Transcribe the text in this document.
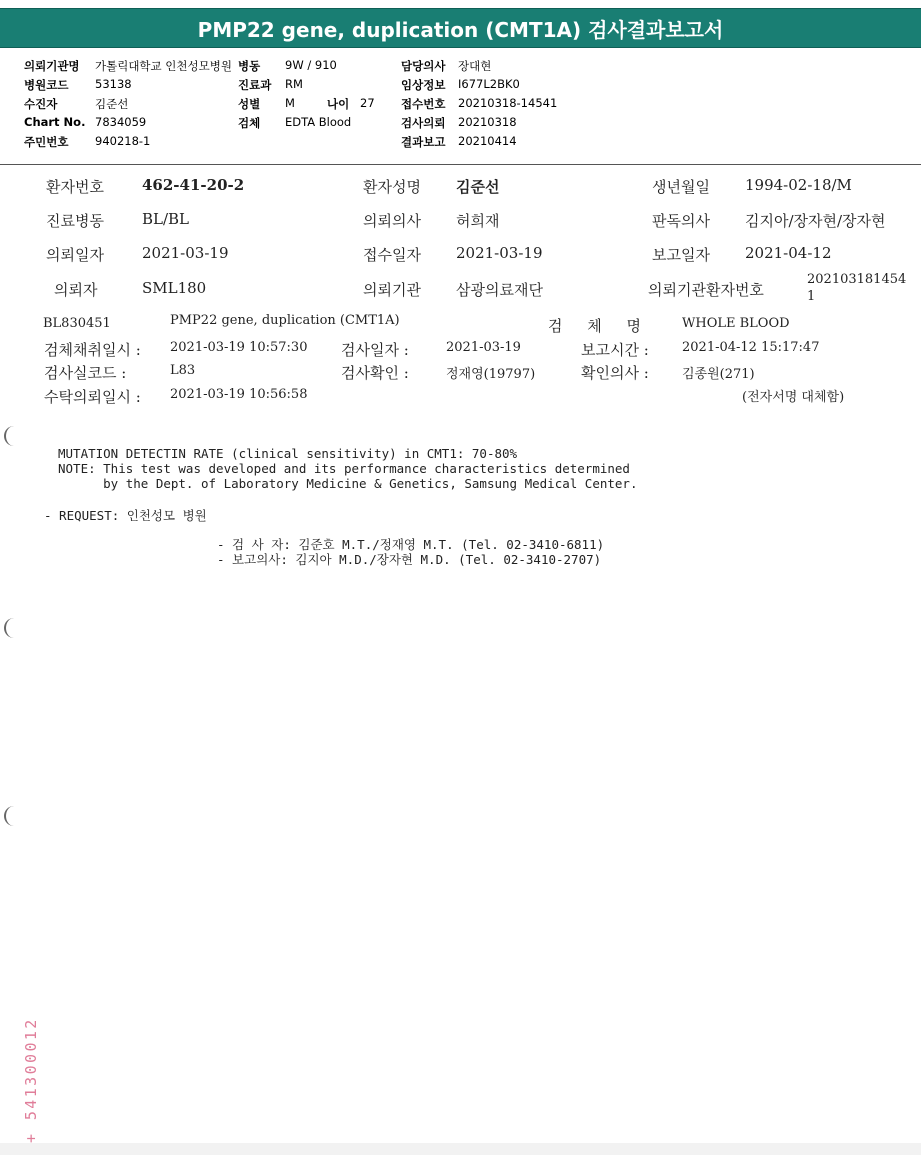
PMP22 gene, duplication (CMT1A) 검사결과보고서
의뢰기관명 가톨릭대학교 인천성모병원 병동 9W / 910	담당의사 장대현
병원코드 53138	진료과 RM	임상정보 I677L2BK0
수진자	김준선	성별 M	나이 27 접수번호 20210318-14541
Chart No. 7834059	검체 EDTA Blood	검사의뢰 20210318
주민번호 940218-1	결과보고 20210414
환자번호	462-41-20-2	환자성명 김준선	생년월일 1994-02-18/M
진료병동	BL/BL	의뢰의사 허희재	판독의사 김지아/장자현/장자현
의뢰일자	2021-03-19	접수일자 2021-03-19	보고일자 2021-04-12
의뢰자	SML180	의뢰기관 삼광의료재단	의뢰기관환자번호
202103181454
1
BL830451	PMP22 gene, duplication (CMT1A)	검 체 명 WHOLE BLOOD
검체채취일시 : 2021-03-19 10:57:30 검사일자 :	2021-03-19	보고시간 :	2021-04-12 15:17:47
검사실코드 :	L83	검사확인 :	정재영(19797)	확인의사 :	김종원(271)
수탁의뢰일시 : 2021-03-19 10:56:58	(전자서명 대체함)
MUTATION DETECTIN RATE (clinical sensitivity) in CMT1: 70-80%
NOTE: This test was developed and its performance characteristics determined
by the Dept. of Laboratory Medicine & Genetics, Samsung Medical Center.
- REQUEST: 인천성모 병원
- 검 사 자: 김준호 M.T./정재영 M.T. (Tel. 02-3410-6811)
- 보고의사: 김지아 M.D./장자현 M.D. (Tel. 02-3410-2707)
+ 541300012
